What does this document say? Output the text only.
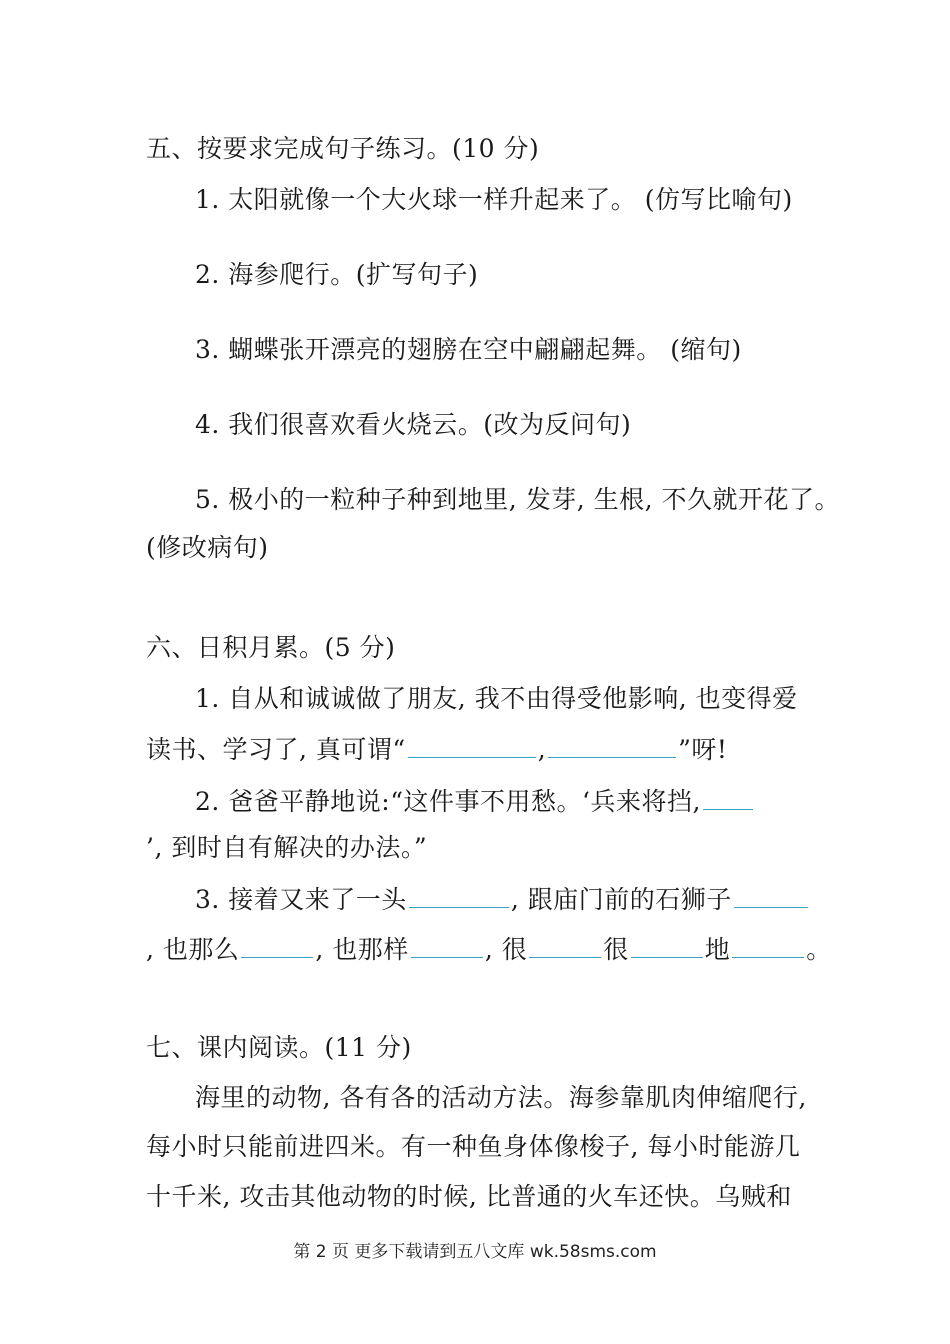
五、按要求完成句子练习。(10 分)
1. 太阳就像一个大火球一样升起来了。 (仿写比喻句)
2. 海参爬行。(扩写句子)
3. 蝴蝶张开漂亮的翅膀在空中翩翩起舞。 (缩句)
4. 我们很喜欢看火烧云。(改为反问句)
5. 极小的一粒种子种到地里, 发芽, 生根, 不久就开花了。
(修改病句)
六、日积月累。(5 分)
1. 自从和诚诚做了朋友, 我不由得受他影响, 也变得爱
读书、学习了, 真可谓“	,	”呀!
2. 爸爸平静地说:“这件事不用愁。‘兵来将挡,
’, 到时自有解决的办法。”
3. 接着又来了一头	, 跟庙门前的石狮子
, 也那么	, 也那样	, 很	很	地	。
七、课内阅读。(11 分)
海里的动物, 各有各的活动方法。海参靠肌肉伸缩爬行,
每小时只能前进四米。有一种鱼身体像梭子, 每小时能游几
十千米, 攻击其他动物的时候, 比普通的火车还快。乌贼和
第 2 页 更多下载请到五八文库 wk.58sms.com
